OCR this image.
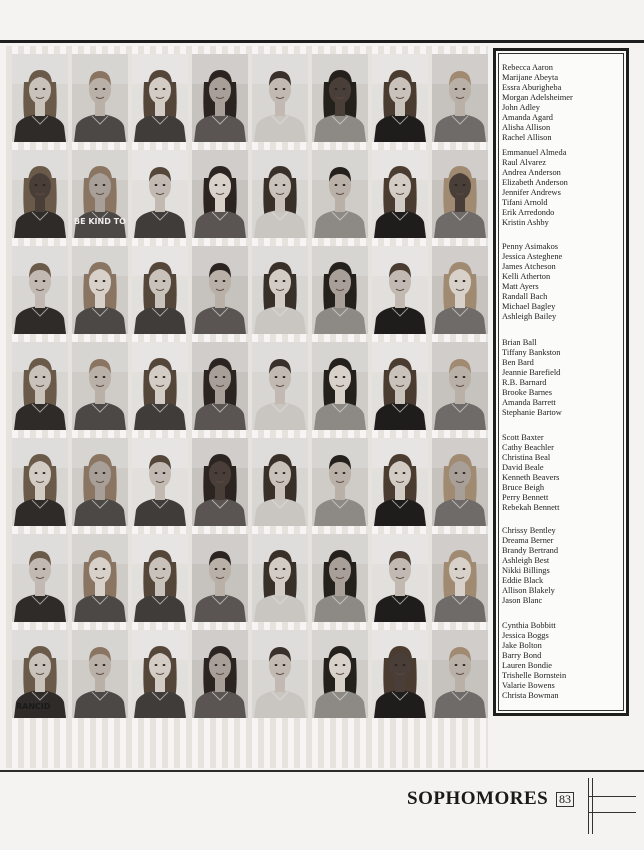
BE KIND TO
RANCID
Rebecca Aaron
Marijane Abeyta
Essra Aburigheba
Morgan Adelsheimer
John Adley
Amanda Agard
Alisha Allison
Rachel Allison
Emmanuel Almeda
Raul Alvarez
Andrea Anderson
Elizabeth Anderson
Jennifer Andrews
Tifani Arnold
Erik Arredondo
Kristin Ashby
Penny Asimakos
Jessica Asteghene
James Atcheson
Kelli Atherton
Matt Ayers
Randall Bach
Michael Bagley
Ashleigh Bailey
Brian Ball
Tiffany Bankston
Ben Bard
Jeannie Barefield
R.B. Barnard
Brooke Barnes
Amanda Barrett
Stephanie Bartow
Scott Baxter
Cathy Beachler
Christina Beal
David Beale
Kenneth Beavers
Bruce Beigh
Perry Bennett
Rebekah Bennett
Chrissy Bentley
Dreama Berner
Brandy Bertrand
Ashleigh Best
Nikki Billings
Eddie Black
Allison Blakely
Jason Blanc
Cynthia Bobbitt
Jessica Boggs
Jake Bolton
Barry Bond
Lauren Bondie
Trishelle Bornstein
Valarie Bowens
Christa Bowman
SOPHOMORES 83
